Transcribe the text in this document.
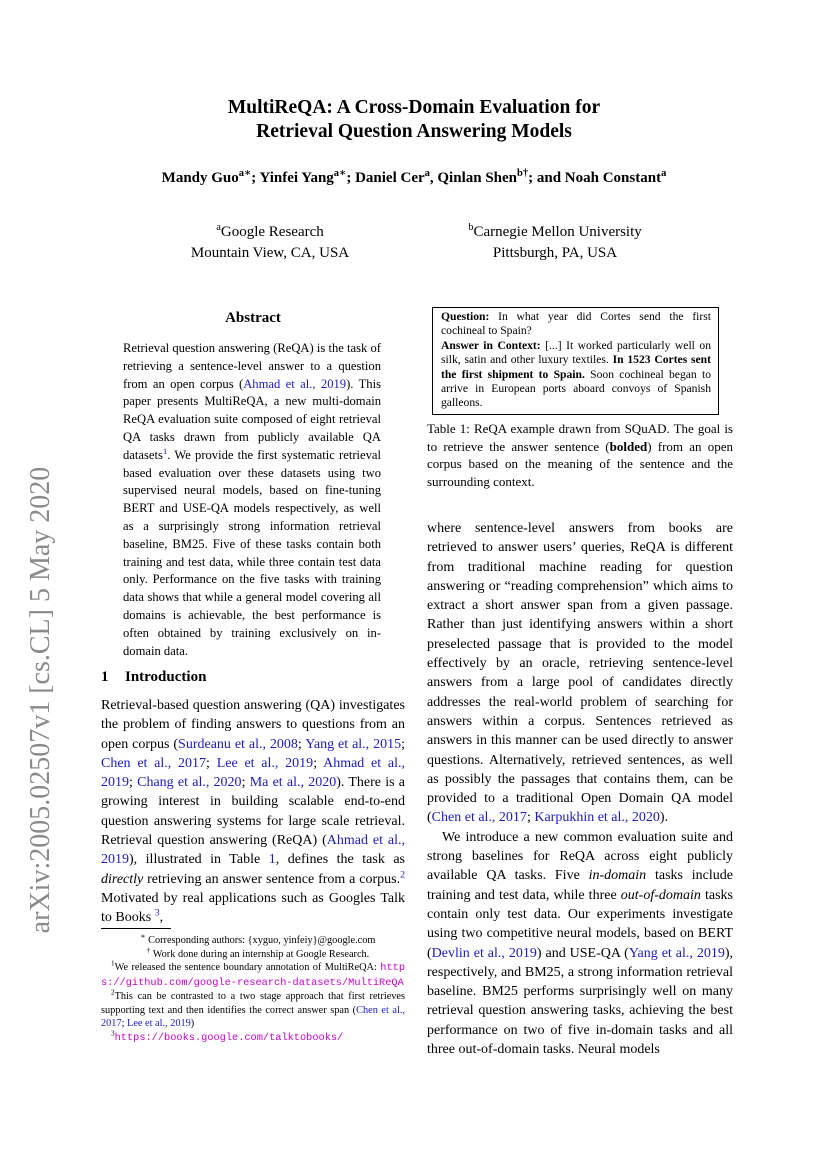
arXiv:2005.02507v1 [cs.CL] 5 May 2020
MultiReQA: A Cross-Domain Evaluation for
Retrieval Question Answering Models
Mandy Guo$^{a∗}$; Yinfei Yang$^{a∗}$; Daniel Cer$^a$, Qinlan Shen$^{b\dagger}$; and Noah Constant$^a$
$^a$Google Research
Mountain View, CA, USA
$^b$Carnegie Mellon University
Pittsburgh, PA, USA
Abstract
Retrieval question answering (ReQA) is the task of retrieving a sentence-level answer to a question from an open corpus (Ahmad et al., 2019). This paper presents MultiReQA, a new multi-domain ReQA evaluation suite composed of eight retrieval QA tasks drawn from publicly available QA datasets$^1$. We provide the first systematic retrieval based evaluation over these datasets using two supervised neural models, based on fine-tuning BERT and USE-QA models respectively, as well as a surprisingly strong information retrieval baseline, BM25. Five of these tasks contain both training and test data, while three contain test data only. Performance on the five tasks with training data shows that while a general model covering all domains is achievable, the best performance is often obtained by training exclusively on in-domain data.
1 Introduction
Retrieval-based question answering (QA) investigates the problem of finding answers to questions from an open corpus (Surdeanu et al., 2008; Yang et al., 2015; Chen et al., 2017; Lee et al., 2019; Ahmad et al., 2019; Chang et al., 2020; Ma et al., 2020). There is a growing interest in building scalable end-to-end question answering systems for large scale retrieval. Retrieval question answering (ReQA) (Ahmad et al., 2019), illustrated in Table 1, defines the task as directly retrieving an answer sentence from a corpus.$^2$ Motivated by real applications such as Googles Talk to Books $^3$,

∗ Corresponding authors: {xyguo, yinfeiy}@google.com

† Work done during an internship at Google Research.

$^1$We released the sentence boundary annotation of MultiReQA: https://github.com/google-research-datasets/MultiReQA

$^2$This can be contrasted to a two stage approach that first retrieves supporting text and then identifies the correct answer span (Chen et al., 2017; Lee et al., 2019)

$^3$https://books.google.com/talktobooks/

Question: In what year did Cortes send the first cochineal to Spain?

Answer in Context: [...] It worked particularly well on silk, satin and other luxury textiles. In 1523 Cortes sent the first shipment to Spain. Soon cochineal began to arrive in European ports aboard convoys of Spanish galleons.

Table 1: ReQA example drawn from SQuAD. The goal is to retrieve the answer sentence (bolded) from an open corpus based on the meaning of the sentence and the surrounding context.

where sentence-level answers from books are retrieved to answer users’ queries, ReQA is different from traditional machine reading for question answering or “reading comprehension” which aims to extract a short answer span from a given passage. Rather than just identifying answers within a short preselected passage that is provided to the model effectively by an oracle, retrieving sentence-level answers from a large pool of candidates directly addresses the real-world problem of searching for answers within a corpus. Sentences retrieved as answers in this manner can be used directly to answer questions. Alternatively, retrieved sentences, as well as possibly the passages that contains them, can be provided to a traditional Open Domain QA model (Chen et al., 2017; Karpukhin et al., 2020).

We introduce a new common evaluation suite and strong baselines for ReQA across eight publicly available QA tasks. Five in-domain tasks include training and test data, while three out-of-domain tasks contain only test data. Our experiments investigate using two competitive neural models, based on BERT (Devlin et al., 2019) and USE-QA (Yang et al., 2019), respectively, and BM25, a strong information retrieval baseline. BM25 performs surprisingly well on many retrieval question answering tasks, achieving the best performance on two of five in-domain tasks and all three out-of-domain tasks. Neural models
